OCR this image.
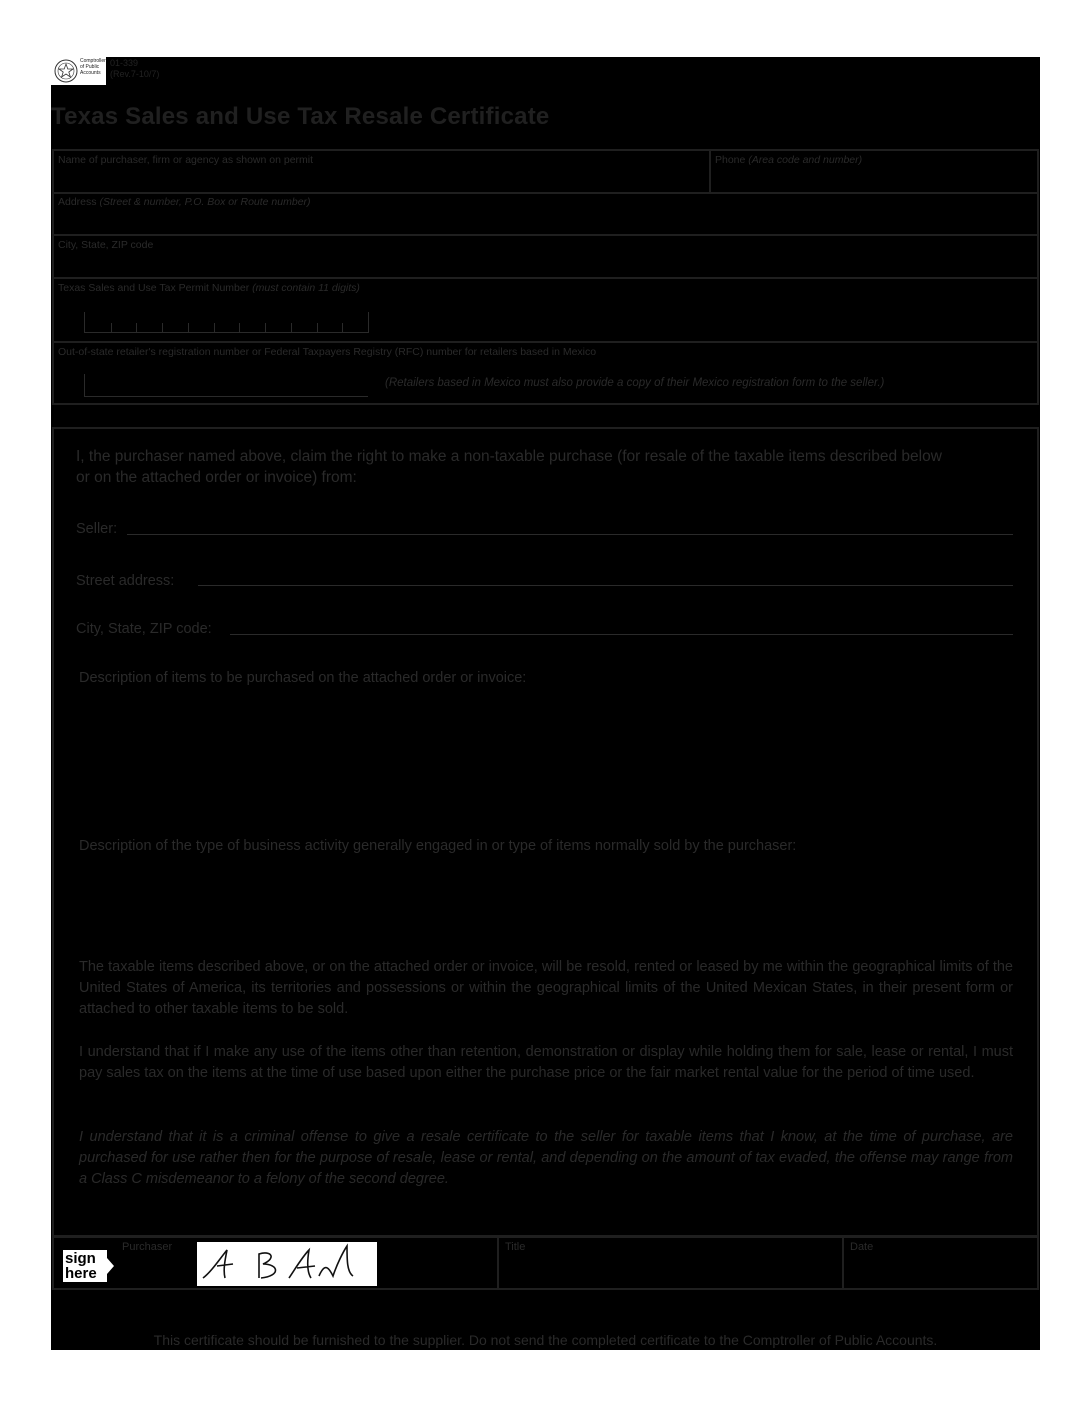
Comptroller of Public Accounts
01-339
(Rev.7-10/7)
Texas Sales and Use Tax Resale Certificate
Name of purchaser, firm or agency as shown on permit	Phone (Area code and number)
Address (Street & number, P.O. Box or Route number)
City, State, ZIP code
Texas Sales and Use Tax Permit Number (must contain 11 digits)
Out-of-state retailer's registration number or Federal Taxpayers Registry (RFC) number for retailers based in Mexico
(Retailers based in Mexico must also provide a copy of their Mexico registration form to the seller.)
I, the purchaser named above, claim the right to make a non-taxable purchase (for resale of the taxable items described below or on the attached order or invoice) from:
Seller:
Street address:
City, State, ZIP code:
Description of items to be purchased on the attached order or invoice:
Description of the type of business activity generally engaged in or type of items normally sold by the purchaser:
The taxable items described above, or on the attached order or invoice, will be resold, rented or leased by me within the geographical limits of the United States of America, its territories and possessions or within the geographical limits of the United Mexican States, in their present form or attached to other taxable items to be sold.
I understand that if I make any use of the items other than retention, demonstration or display while holding them for sale, lease or rental, I must pay sales tax on the items at the time of use based upon either the purchase price or the fair market rental value for the period of time used.
I understand that it is a criminal offense to give a resale certificate to the seller for taxable items that I know, at the time of purchase, are purchased for use rather then for the purpose of resale, lease or rental, and depending on the amount of tax evaded, the offense may range from a Class C misdemeanor to a felony of the second degree.
sign
here
Purchaser	Title	Date
This certificate should be furnished to the supplier. Do not send the completed certificate to the Comptroller of Public Accounts.
